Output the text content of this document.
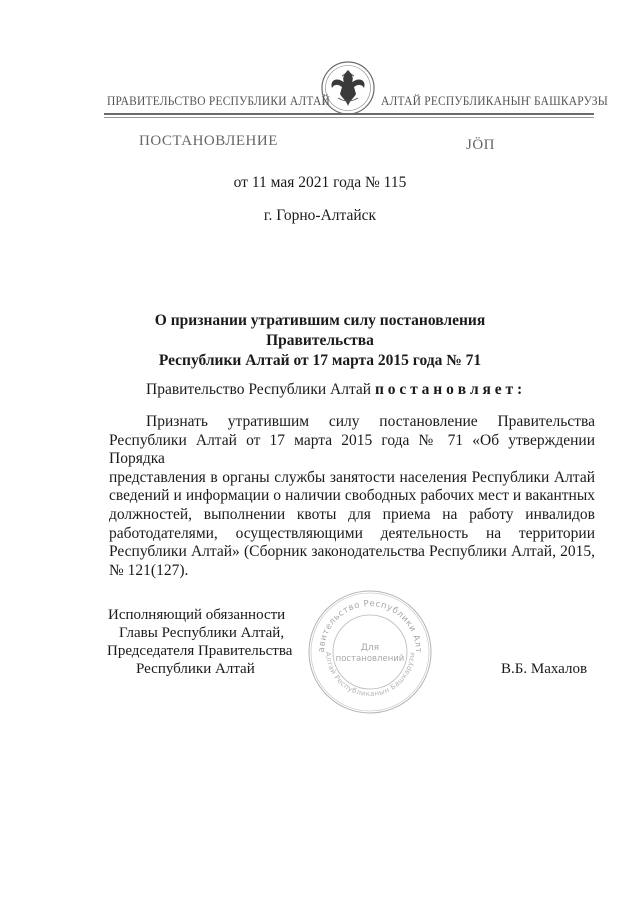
ПРАВИТЕЛЬСТВО РЕСПУБЛИКИ АЛТАЙ	АЛТАЙ РЕСПУБЛИКАНЫҤ БАШКАРУЗЫ
ПОСТАНОВЛЕНИЕ	JÖП
от 11 мая 2021 года № 115
г. Горно-Алтайск
О признании утратившим силу постановления Правительства
Республики Алтай от 17 марта 2015 года № 71
Правительство Республики Алтай п о с т а н о в л я е т :
Признать утратившим силу постановление Правительства
Республики Алтай от 17 марта 2015 года № 71 «Об утверждении Порядка
представления в органы службы занятости населения Республики Алтай
сведений и информации о наличии свободных рабочих мест и вакантных
должностей, выполнении квоты для приема на работу инвалидов
работодателями, осуществляющими деятельность на территории
Республики Алтай» (Сборник законодательства Республики Алтай, 2015,
№ 121(127).
Исполняющий обязанности
Главы Республики Алтай,
Председателя Правительства
Республики Алтай	В.Б. Махалов
авительство Республики Алт
Алтай Республиканын Башкарузы
Для
постановлений
